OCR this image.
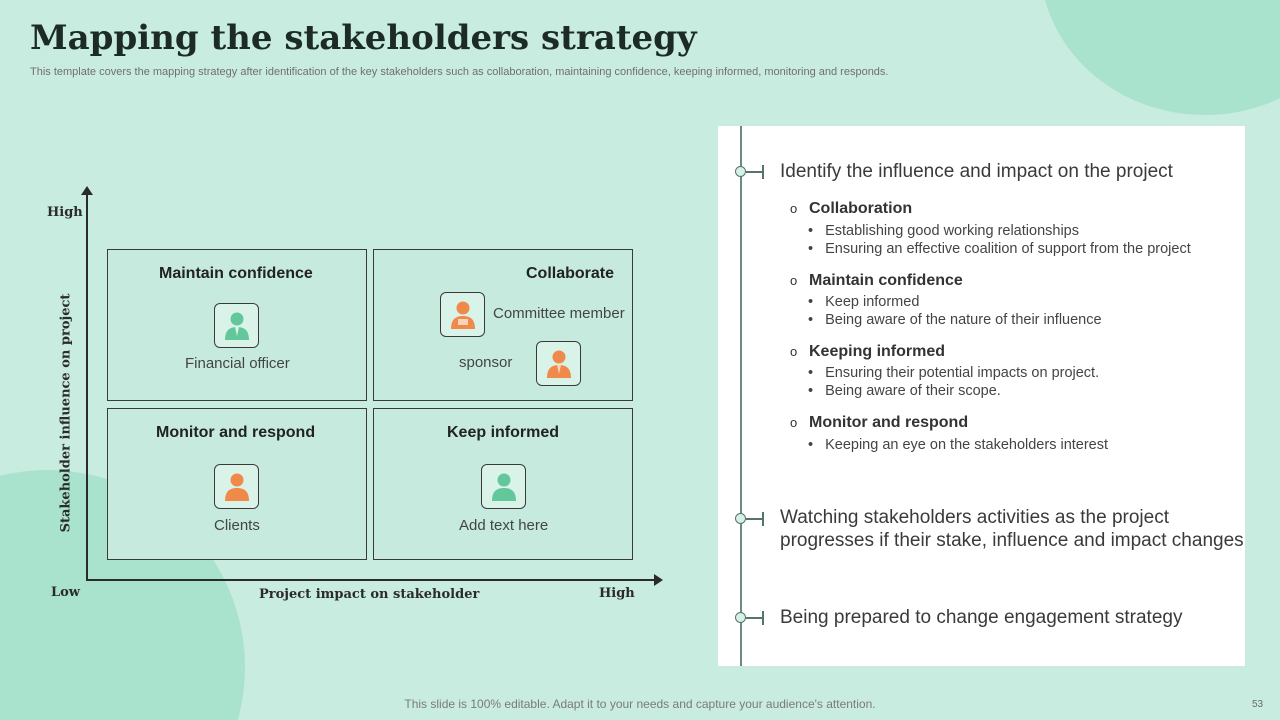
Mapping the stakeholders strategy
This template covers the mapping strategy after identification of the key stakeholders such as collaboration, maintaining confidence, keeping informed, monitoring and responds.
High
Low	High
Project impact on stakeholder
Stakeholder influence on project
Maintain confidence
Financial officer
Collaborate
Committee member
sponsor
Monitor and respond
Clients
Keep informed
Add text here
Identify the influence and impact on the project
o Collaboration
• Establishing good working relationships
• Ensuring an effective coalition of support from the project
o Maintain confidence
• Keep informed
• Being aware of the nature of their influence
o Keeping informed
• Ensuring their potential impacts on project.
• Being aware of their scope.
o Monitor and respond
• Keeping an eye on the stakeholders interest
Watching stakeholders activities as the project
progresses if their stake, influence and impact changes
Being prepared to change engagement strategy
This slide is 100% editable. Adapt it to your needs and capture your audience's attention.	53
